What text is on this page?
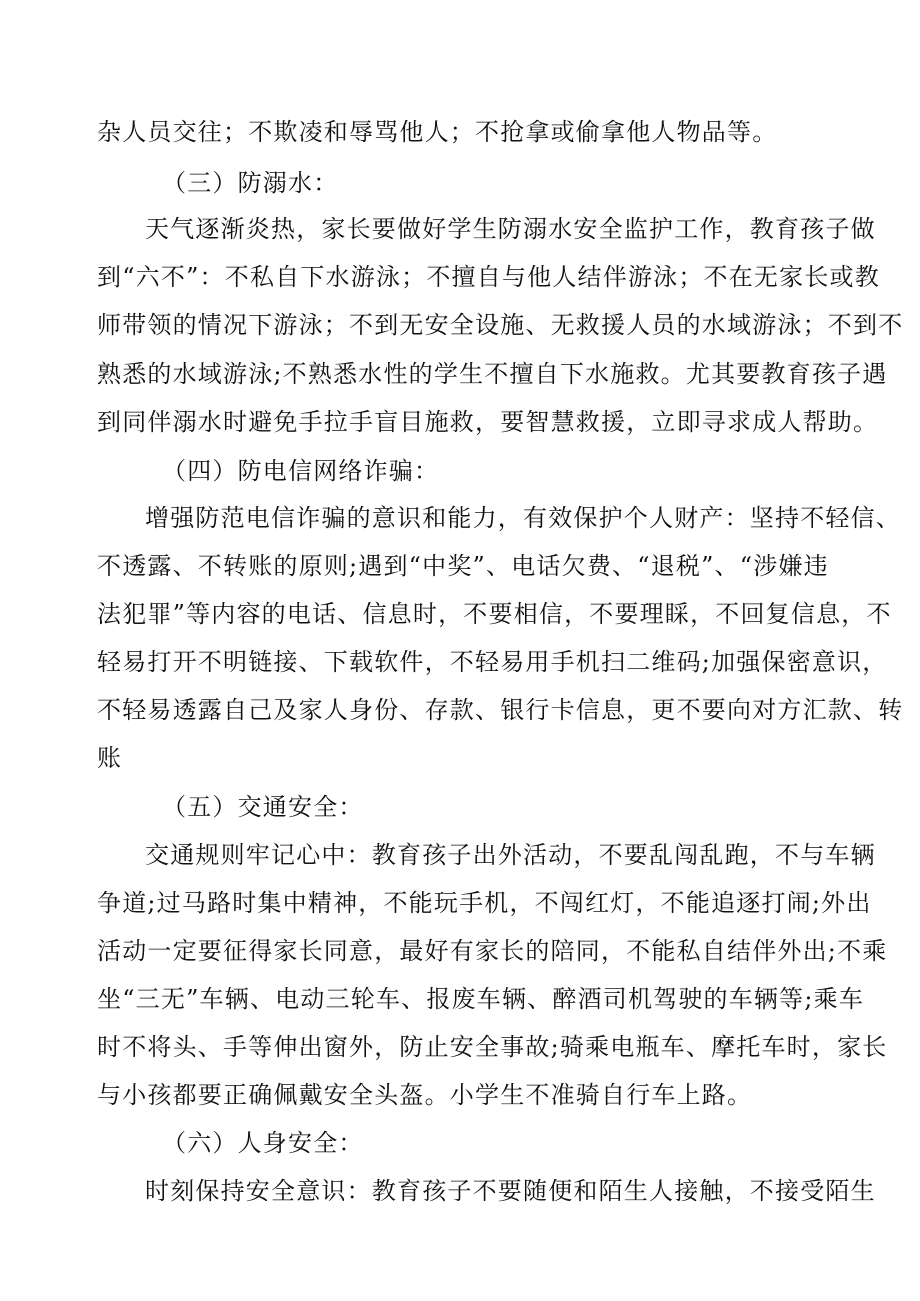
杂人员交往；不欺凌和辱骂他人；不抢拿或偷拿他人物品等。
（三）防溺水：
天气逐渐炎热，家长要做好学生防溺水安全监护工作，教育孩子做
到“六不”：不私自下水游泳；不擅自与他人结伴游泳；不在无家长或教
师带领的情况下游泳；不到无安全设施、无救援人员的水域游泳；不到不
熟悉的水域游泳;不熟悉水性的学生不擅自下水施救。尤其要教育孩子遇
到同伴溺水时避免手拉手盲目施救，要智慧救援，立即寻求成人帮助。
（四）防电信网络诈骗：
增强防范电信诈骗的意识和能力，有效保护个人财产：坚持不轻信、
不透露、不转账的原则;遇到“中奖”、电话欠费、“退税”、“涉嫌违
法犯罪”等内容的电话、信息时，不要相信，不要理睬，不回复信息，不
轻易打开不明链接、下载软件，不轻易用手机扫二维码;加强保密意识，
不轻易透露自己及家人身份、存款、银行卡信息，更不要向对方汇款、转
账
（五）交通安全：
交通规则牢记心中：教育孩子出外活动，不要乱闯乱跑，不与车辆
争道;过马路时集中精神，不能玩手机，不闯红灯，不能追逐打闹;外出
活动一定要征得家长同意，最好有家长的陪同，不能私自结伴外出;不乘
坐“三无”车辆、电动三轮车、报废车辆、醉酒司机驾驶的车辆等;乘车
时不将头、手等伸出窗外，防止安全事故;骑乘电瓶车、摩托车时，家长
与小孩都要正确佩戴安全头盔。小学生不准骑自行车上路。
（六）人身安全：
时刻保持安全意识：教育孩子不要随便和陌生人接触，不接受陌生
